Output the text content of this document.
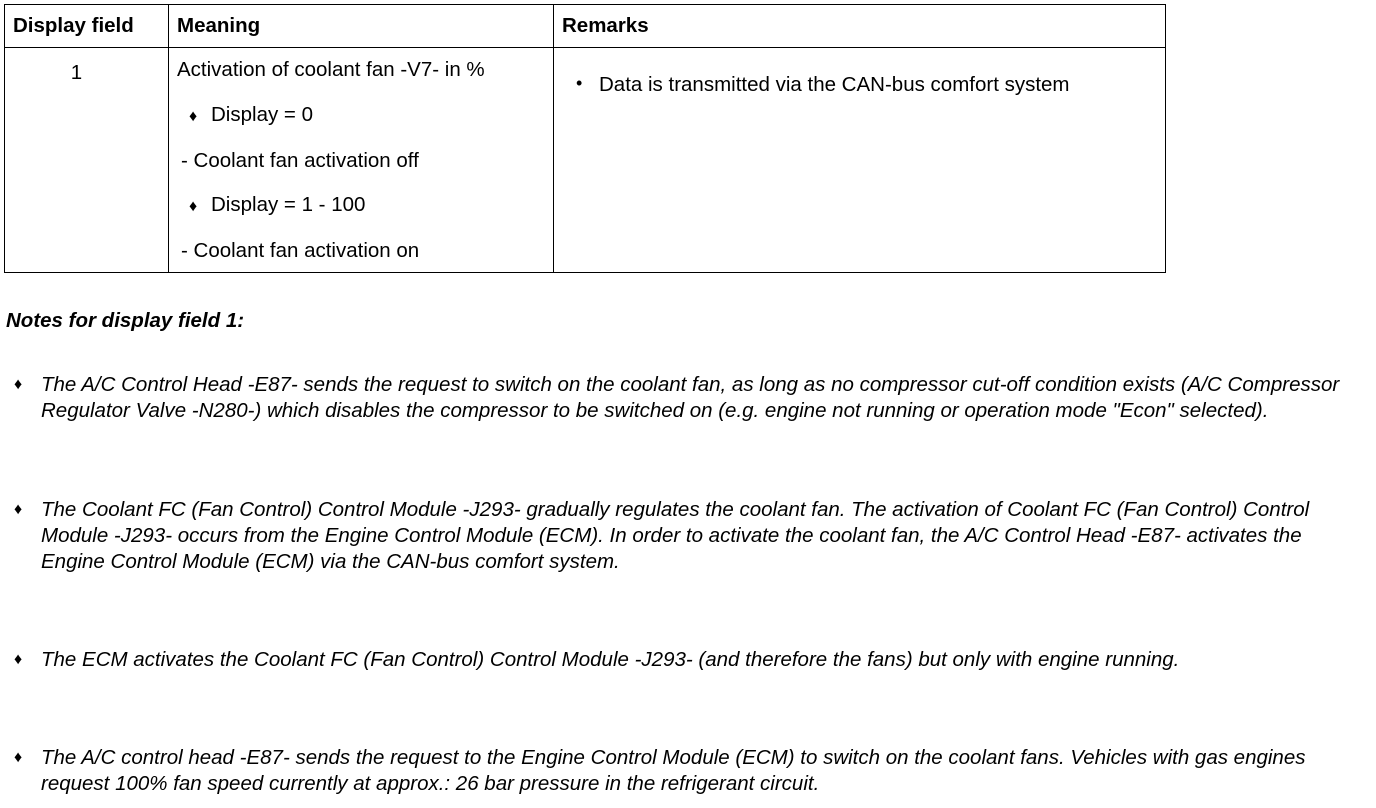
Display field	Meaning	Remarks
1	Activation of coolant fan -V7- in %
♦ Display = 0
- Coolant fan activation off
♦ Display = 1 - 100
- Coolant fan activation on	• Data is transmitted via the CAN-bus comfort system
Notes for display field 1:
♦ The A/C Control Head -E87- sends the request to switch on the coolant fan, as long as no compressor cut-off condition exists (A/C Compressor Regulator Valve -N280-) which disables the compressor to be switched on (e.g. engine not running or operation mode "Econ" selected).
♦ The Coolant FC (Fan Control) Control Module -J293- gradually regulates the coolant fan. The activation of Coolant FC (Fan Control) Control Module -J293- occurs from the Engine Control Module (ECM). In order to activate the coolant fan, the A/C Control Head -E87- activates the Engine Control Module (ECM) via the CAN-bus comfort system.
♦ The ECM activates the Coolant FC (Fan Control) Control Module -J293- (and therefore the fans) but only with engine running.
♦ The A/C control head -E87- sends the request to the Engine Control Module (ECM) to switch on the coolant fans. Vehicles with gas engines request 100% fan speed currently at approx.: 26 bar pressure in the refrigerant circuit.
